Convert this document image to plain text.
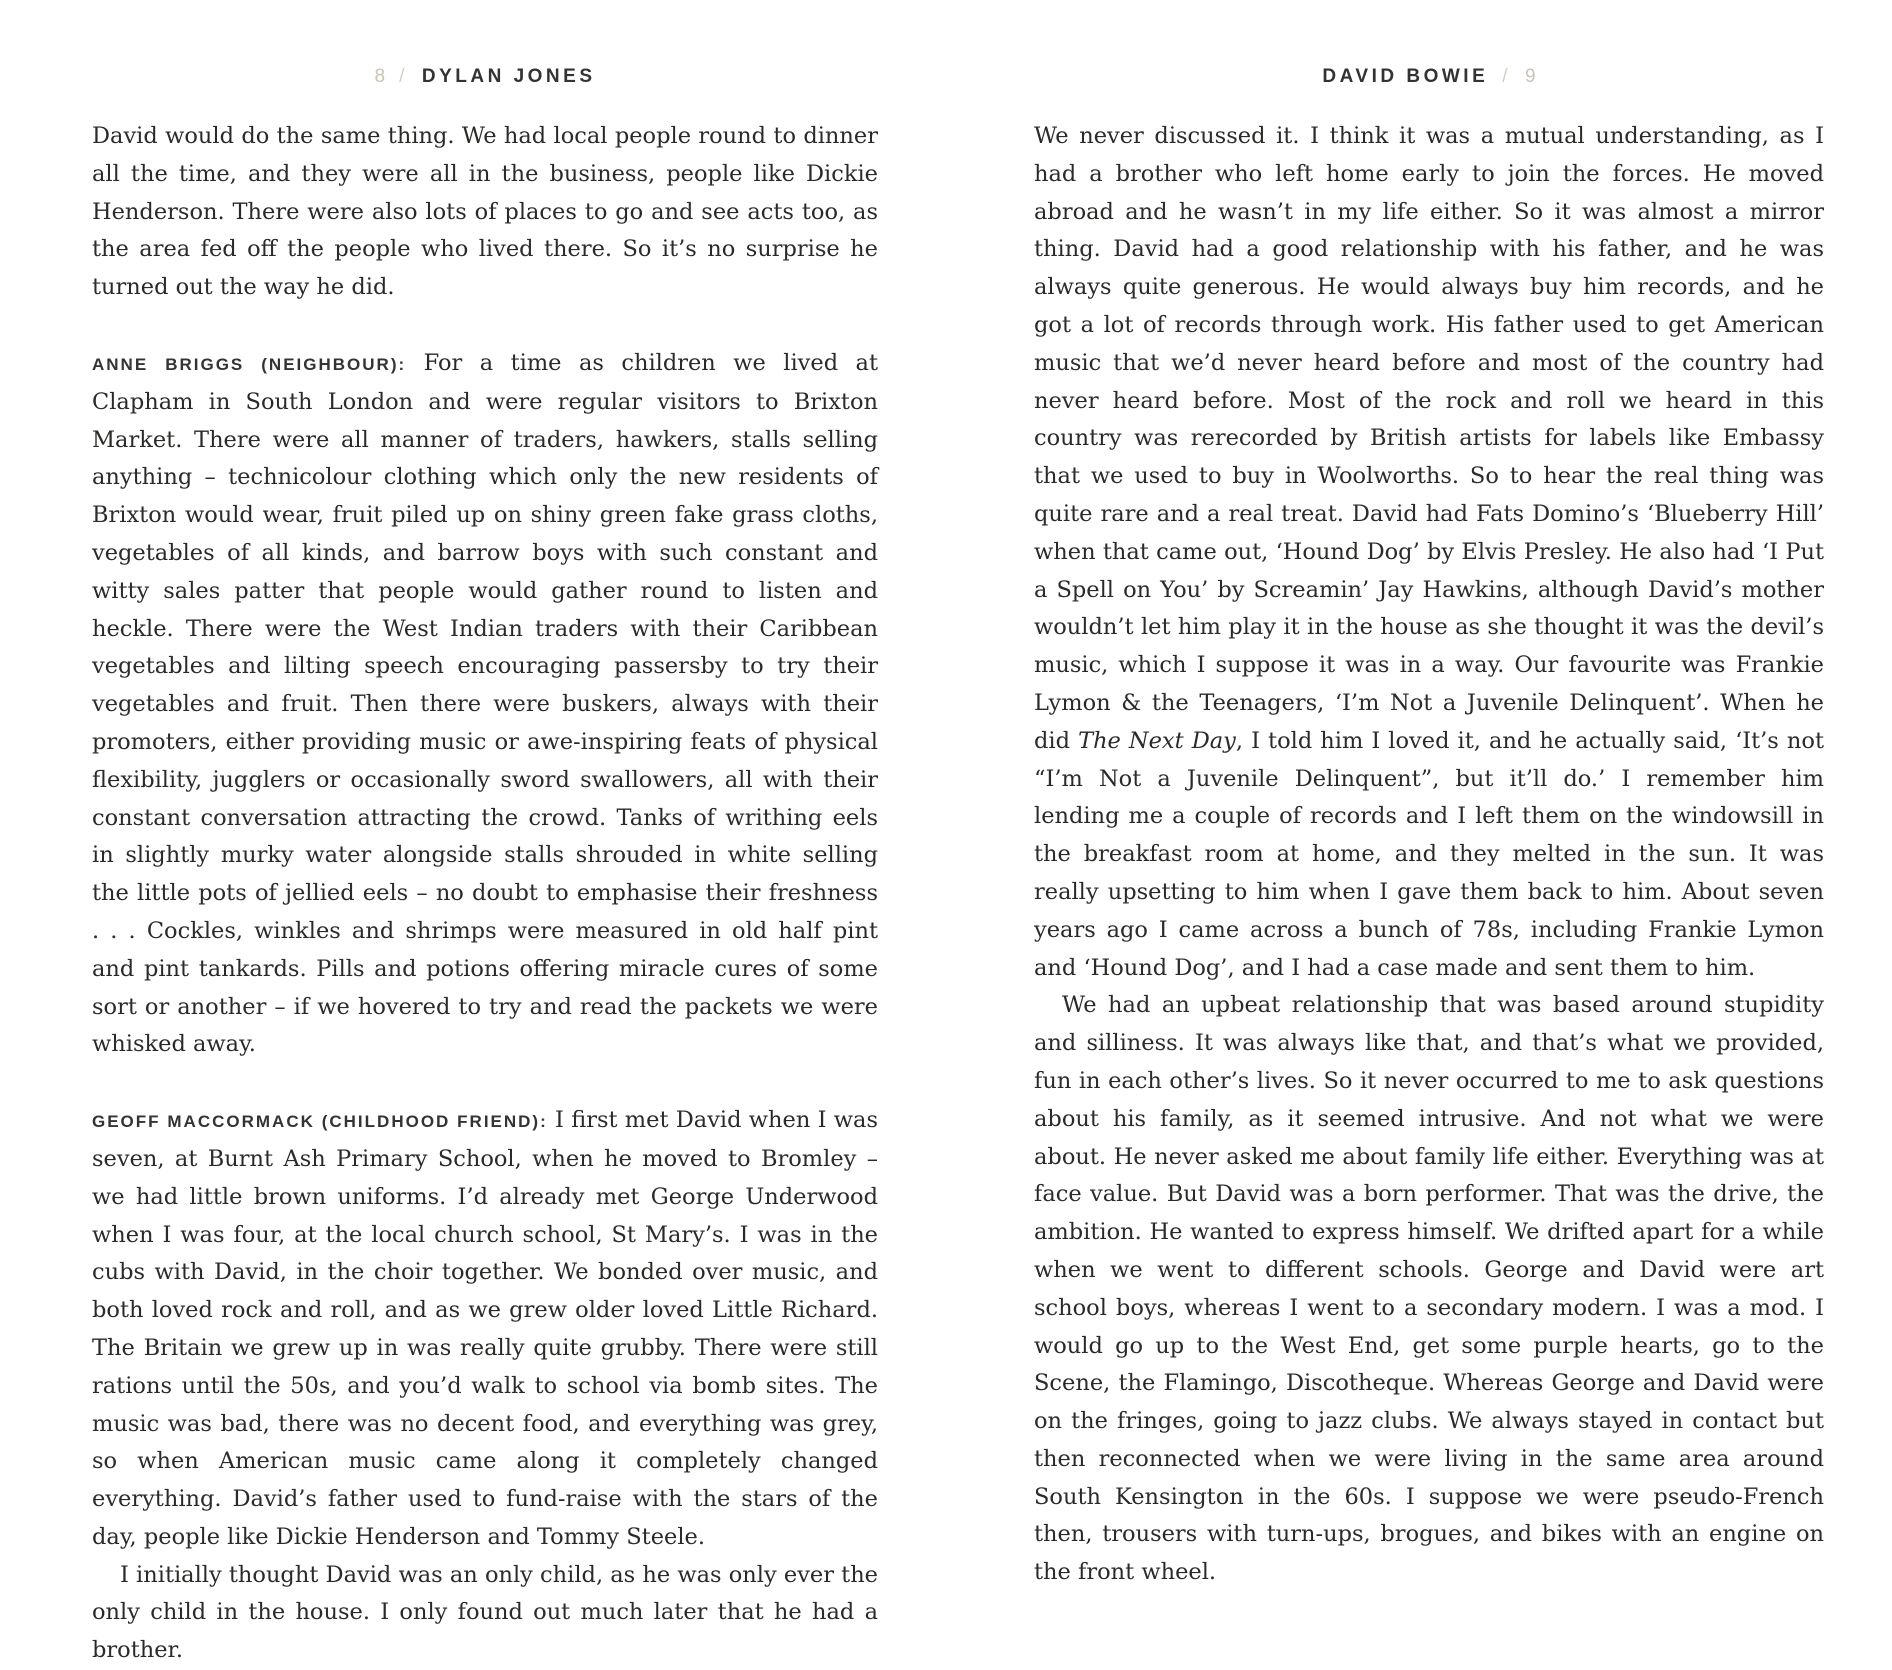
8 / DYLAN JONES

David would do the same thing. We had local people round to dinner all the time, and they were all in the business, people like Dickie Henderson. There were also lots of places to go and see acts too, as the area fed off the people who lived there. So it’s no surprise he turned out the way he did.

ANNE BRIGGS (NEIGHBOUR): For a time as children we lived at Clapham in South London and were regular visitors to Brixton Market. There were all manner of traders, hawkers, stalls selling anything – technicolour clothing which only the new residents of Brixton would wear, fruit piled up on shiny green fake grass cloths, vegetables of all kinds, and barrow boys with such constant and witty sales patter that people would gather round to listen and heckle. There were the West Indian traders with their Caribbean vegetables and lilting speech encouraging passersby to try their vegetables and fruit. Then there were buskers, always with their promoters, either providing music or awe-inspiring feats of physical flexibility, jugglers or occasionally sword swallowers, all with their constant conversation attracting the crowd. Tanks of writhing eels in slightly murky water alongside stalls shrouded in white selling the little pots of jellied eels – no doubt to emphasise their freshness . . . Cockles, winkles and shrimps were measured in old half pint and pint tankards. Pills and potions offering miracle cures of some sort or another – if we hovered to try and read the packets we were whisked away.

GEOFF MACCORMACK (CHILDHOOD FRIEND): I first met David when I was seven, at Burnt Ash Primary School, when he moved to Bromley – we had little brown uniforms. I’d already met George Underwood when I was four, at the local church school, St Mary’s. I was in the cubs with David, in the choir together. We bonded over music, and both loved rock and roll, and as we grew older loved Little Richard. The Britain we grew up in was really quite grubby. There were still rations until the 50s, and you’d walk to school via bomb sites. The music was bad, there was no decent food, and everything was grey, so when American music came along it completely changed everything. David’s father used to fund-raise with the stars of the day, people like Dickie Henderson and Tommy Steele.

I initially thought David was an only child, as he was only ever the only child in the house. I only found out much later that he had a brother.

DAVID BOWIE / 9

We never discussed it. I think it was a mutual understanding, as I had a brother who left home early to join the forces. He moved abroad and he wasn’t in my life either. So it was almost a mirror thing. David had a good relationship with his father, and he was always quite generous. He would always buy him records, and he got a lot of records through work. His father used to get American music that we’d never heard before and most of the country had never heard before. Most of the rock and roll we heard in this country was rerecorded by British artists for labels like Embassy that we used to buy in Woolworths. So to hear the real thing was quite rare and a real treat. David had Fats Domino’s ‘Blueberry Hill’ when that came out, ‘Hound Dog’ by Elvis Presley. He also had ‘I Put a Spell on You’ by Screamin’ Jay Hawkins, although David’s mother wouldn’t let him play it in the house as she thought it was the devil’s music, which I suppose it was in a way. Our favourite was Frankie Lymon & the Teenagers, ‘I’m Not a Juvenile Delinquent’. When he did The Next Day, I told him I loved it, and he actually said, ‘It’s not “I’m Not a Juvenile Delinquent”, but it’ll do.’ I remember him lending me a couple of records and I left them on the windowsill in the breakfast room at home, and they melted in the sun. It was really upsetting to him when I gave them back to him. About seven years ago I came across a bunch of 78s, including Frankie Lymon and ‘Hound Dog’, and I had a case made and sent them to him.

We had an upbeat relationship that was based around stupidity and silliness. It was always like that, and that’s what we provided, fun in each other’s lives. So it never occurred to me to ask questions about his family, as it seemed intrusive. And not what we were about. He never asked me about family life either. Everything was at face value. But David was a born performer. That was the drive, the ambition. He wanted to express himself. We drifted apart for a while when we went to different schools. George and David were art school boys, whereas I went to a secondary modern. I was a mod. I would go up to the West End, get some purple hearts, go to the Scene, the Flamingo, Discotheque. Whereas George and David were on the fringes, going to jazz clubs. We always stayed in contact but then reconnected when we were living in the same area around South Kensington in the 60s. I suppose we were pseudo-French then, trousers with turn-ups, brogues, and bikes with an engine on the front wheel.
